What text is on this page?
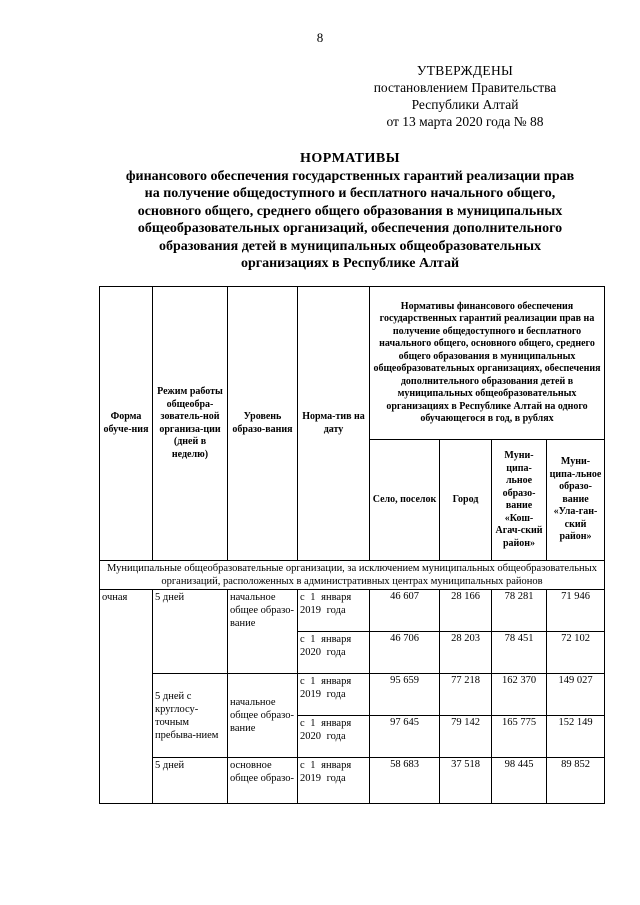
8
УТВЕРЖДЕНЫ
постановлением Правительства
Республики Алтай
от 13 марта 2020 года № 88
НОРМАТИВЫ
финансового обеспечения государственных гарантий реализации прав
на получение общедоступного и бесплатного начального общего,
основного общего, среднего общего образования в муниципальных
общеобразовательных организаций, обеспечения дополнительного
образования детей в муниципальных общеобразовательных
организациях в Республике Алтай
Форма обуче-ния	Режим работы общеобра-зователь-ной организа-ции (дней в неделю)	Уровень образо-вания	Норма-тив на дату	Нормативы финансового обеспечения государственных гарантий реализации прав на получение общедоступного и бесплатного начального общего, основного общего, среднего общего образования в муниципальных общеобразовательных организациях, обеспечения дополнительного образования детей в муниципальных общеобразовательных организациях в Республике Алтай на одного обучающегося в год, в рублях			
				Село, поселок	Город	Муни-ципа-льное образо-вание «Кош-Агач-ский район»	Муни-ципа-льное образо-вание «Ула-ган-ский район»
Муниципальные общеобразовательные организации, за исключением муниципальных общеобразовательных организаций, расположенных в административных центрах муниципальных районов							
очная	5 дней	начальное общее образо-вание	с 1 января 2019 года	46 607	28 166	78 281	71 946
			с 1 января 2020 года	46 706	28 203	78 451	72 102
	5 дней с круглосу-точным пребыва-нием	начальное общее образо-вание	с 1 января 2019 года	95 659	77 218	162 370	149 027
			с 1 января 2020 года	97 645	79 142	165 775	152 149
	5 дней	основное общее образо-	с 1 января 2019 года	58 683	37 518	98 445	89 852
